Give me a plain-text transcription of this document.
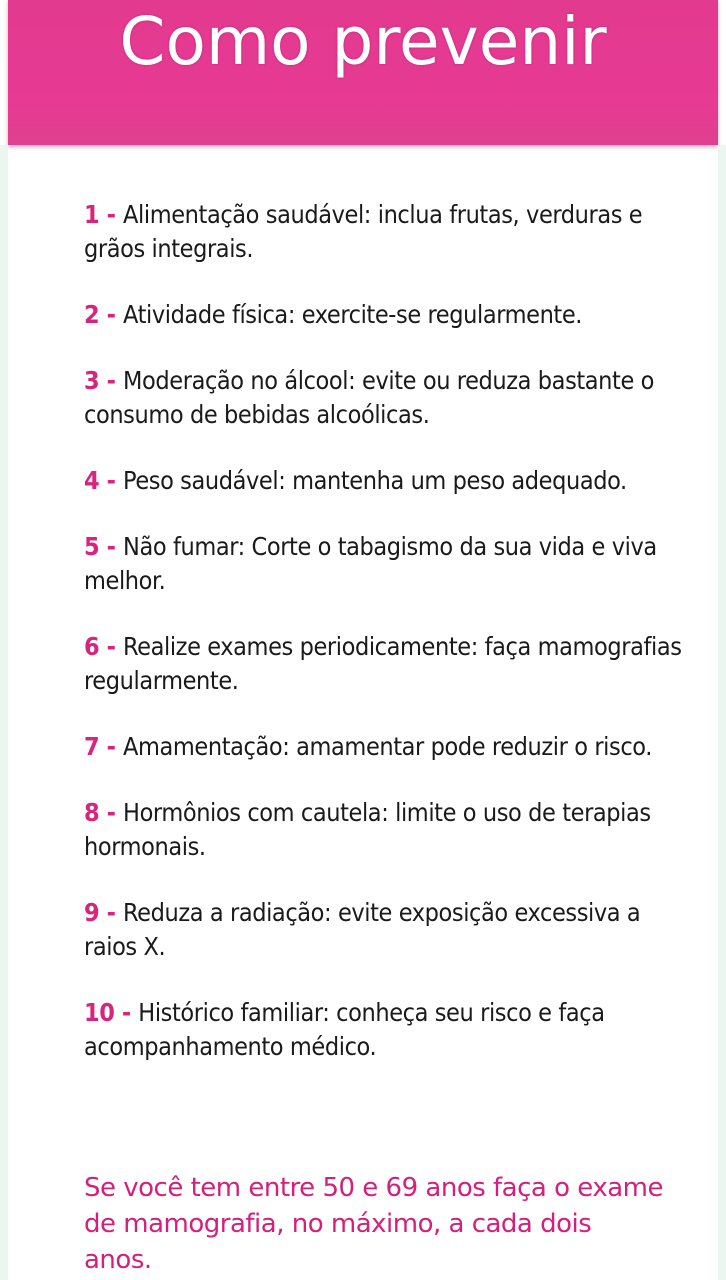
Como prevenir
1 - Alimentação saudável: inclua frutas, verduras e grãos integrais.
2 - Atividade física: exercite-se regularmente.
3 - Moderação no álcool: evite ou reduza bastante o consumo de bebidas alcoólicas.
4 - Peso saudável: mantenha um peso adequado.
5 - Não fumar: Corte o tabagismo da sua vida e viva melhor.
6 - Realize exames periodicamente: faça mamografias regularmente.
7 - Amamentação: amamentar pode reduzir o risco.
8 - Hormônios com cautela: limite o uso de terapias hormonais.
9 - Reduza a radiação: evite exposição excessiva a raios X.
10 - Histórico familiar: conheça seu risco e faça acompanhamento médico.

Se você tem entre 50 e 69 anos faça o exame de mamografia, no máximo, a cada dois anos.
